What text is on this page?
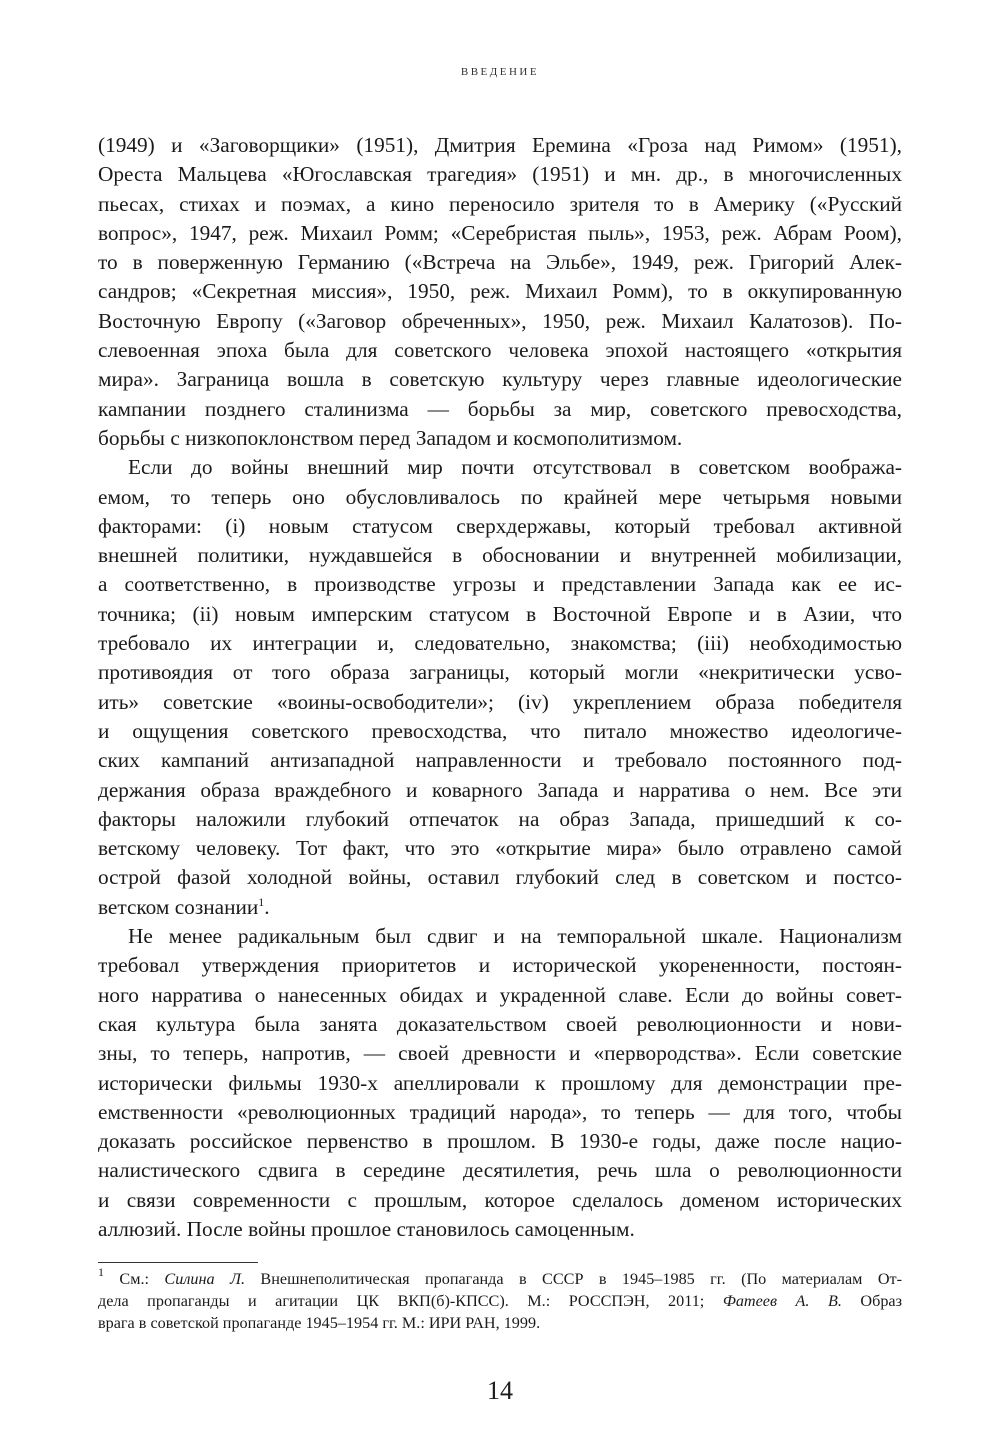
ВВЕДЕНИЕ
(1949) и «Заговорщики» (1951), Дмитрия Еремина «Гроза над Римом» (1951),
Ореста Мальцева «Югославская трагедия» (1951) и мн. др., в многочисленных
пьесах, стихах и поэмах, а кино переносило зрителя то в Америку («Русский
вопрос», 1947, реж. Михаил Ромм; «Серебристая пыль», 1953, реж. Абрам Роом),
то в поверженную Германию («Встреча на Эльбе», 1949, реж. Григорий Алек-
сандров; «Секретная миссия», 1950, реж. Михаил Ромм), то в оккупированную
Восточную Европу («Заговор обреченных», 1950, реж. Михаил Калатозов). По-
слевоенная эпоха была для советского человека эпохой настоящего «открытия
мира». Заграница вошла в советскую культуру через главные идеологические
кампании позднего сталинизма — борьбы за мир, советского превосходства,
борьбы с низкопоклонством перед Западом и космополитизмом.
Если до войны внешний мир почти отсутствовал в советском вообража-
емом, то теперь оно обусловливалось по крайней мере четырьмя новыми
факторами: (i) новым статусом сверхдержавы, который требовал активной
внешней политики, нуждавшейся в обосновании и внутренней мобилизации,
а соответственно, в производстве угрозы и представлении Запада как ее ис-
точника; (ii) новым имперским статусом в Восточной Европе и в Азии, что
требовало их интеграции и, следовательно, знакомства; (iii) необходимостью
противоядия от того образа заграницы, который могли «некритически усво-
ить» советские «воины-освободители»; (iv) укреплением образа победителя
и ощущения советского превосходства, что питало множество идеологиче-
ских кампаний антизападной направленности и требовало постоянного под-
держания образа враждебного и коварного Запада и нарратива о нем. Все эти
факторы наложили глубокий отпечаток на образ Запада, пришедший к со-
ветскому человеку. Тот факт, что это «открытие мира» было отравлено самой
острой фазой холодной войны, оставил глубокий след в советском и постсо-
ветском сознании$^1$.
Не менее радикальным был сдвиг и на темпоральной шкале. Национализм
требовал утверждения приоритетов и исторической укорененности, постоян-
ного нарратива о нанесенных обидах и украденной славе. Если до войны совет-
ская культура была занята доказательством своей революционности и нови-
зны, то теперь, напротив, — своей древности и «первородства». Если советские
исторически фильмы 1930-х апеллировали к прошлому для демонстрации пре-
емственности «революционных традиций народа», то теперь — для того, чтобы
доказать российское первенство в прошлом. В 1930-е годы, даже после нацио-
налистического сдвига в середине десятилетия, речь шла о революционности
и связи современности с прошлым, которое сделалось доменом исторических
аллюзий. После войны прошлое становилось самоценным.
$^1$ См.: Силина Л. Внешнеполитическая пропаганда в СССР в 1945–1985 гг. (По материалам От-
дела пропаганды и агитации ЦК ВКП(б)-КПСС). М.: РОССПЭН, 2011; Фатеев А. В. Образ
врага в советской пропаганде 1945–1954 гг. М.: ИРИ РАН, 1999.
14
